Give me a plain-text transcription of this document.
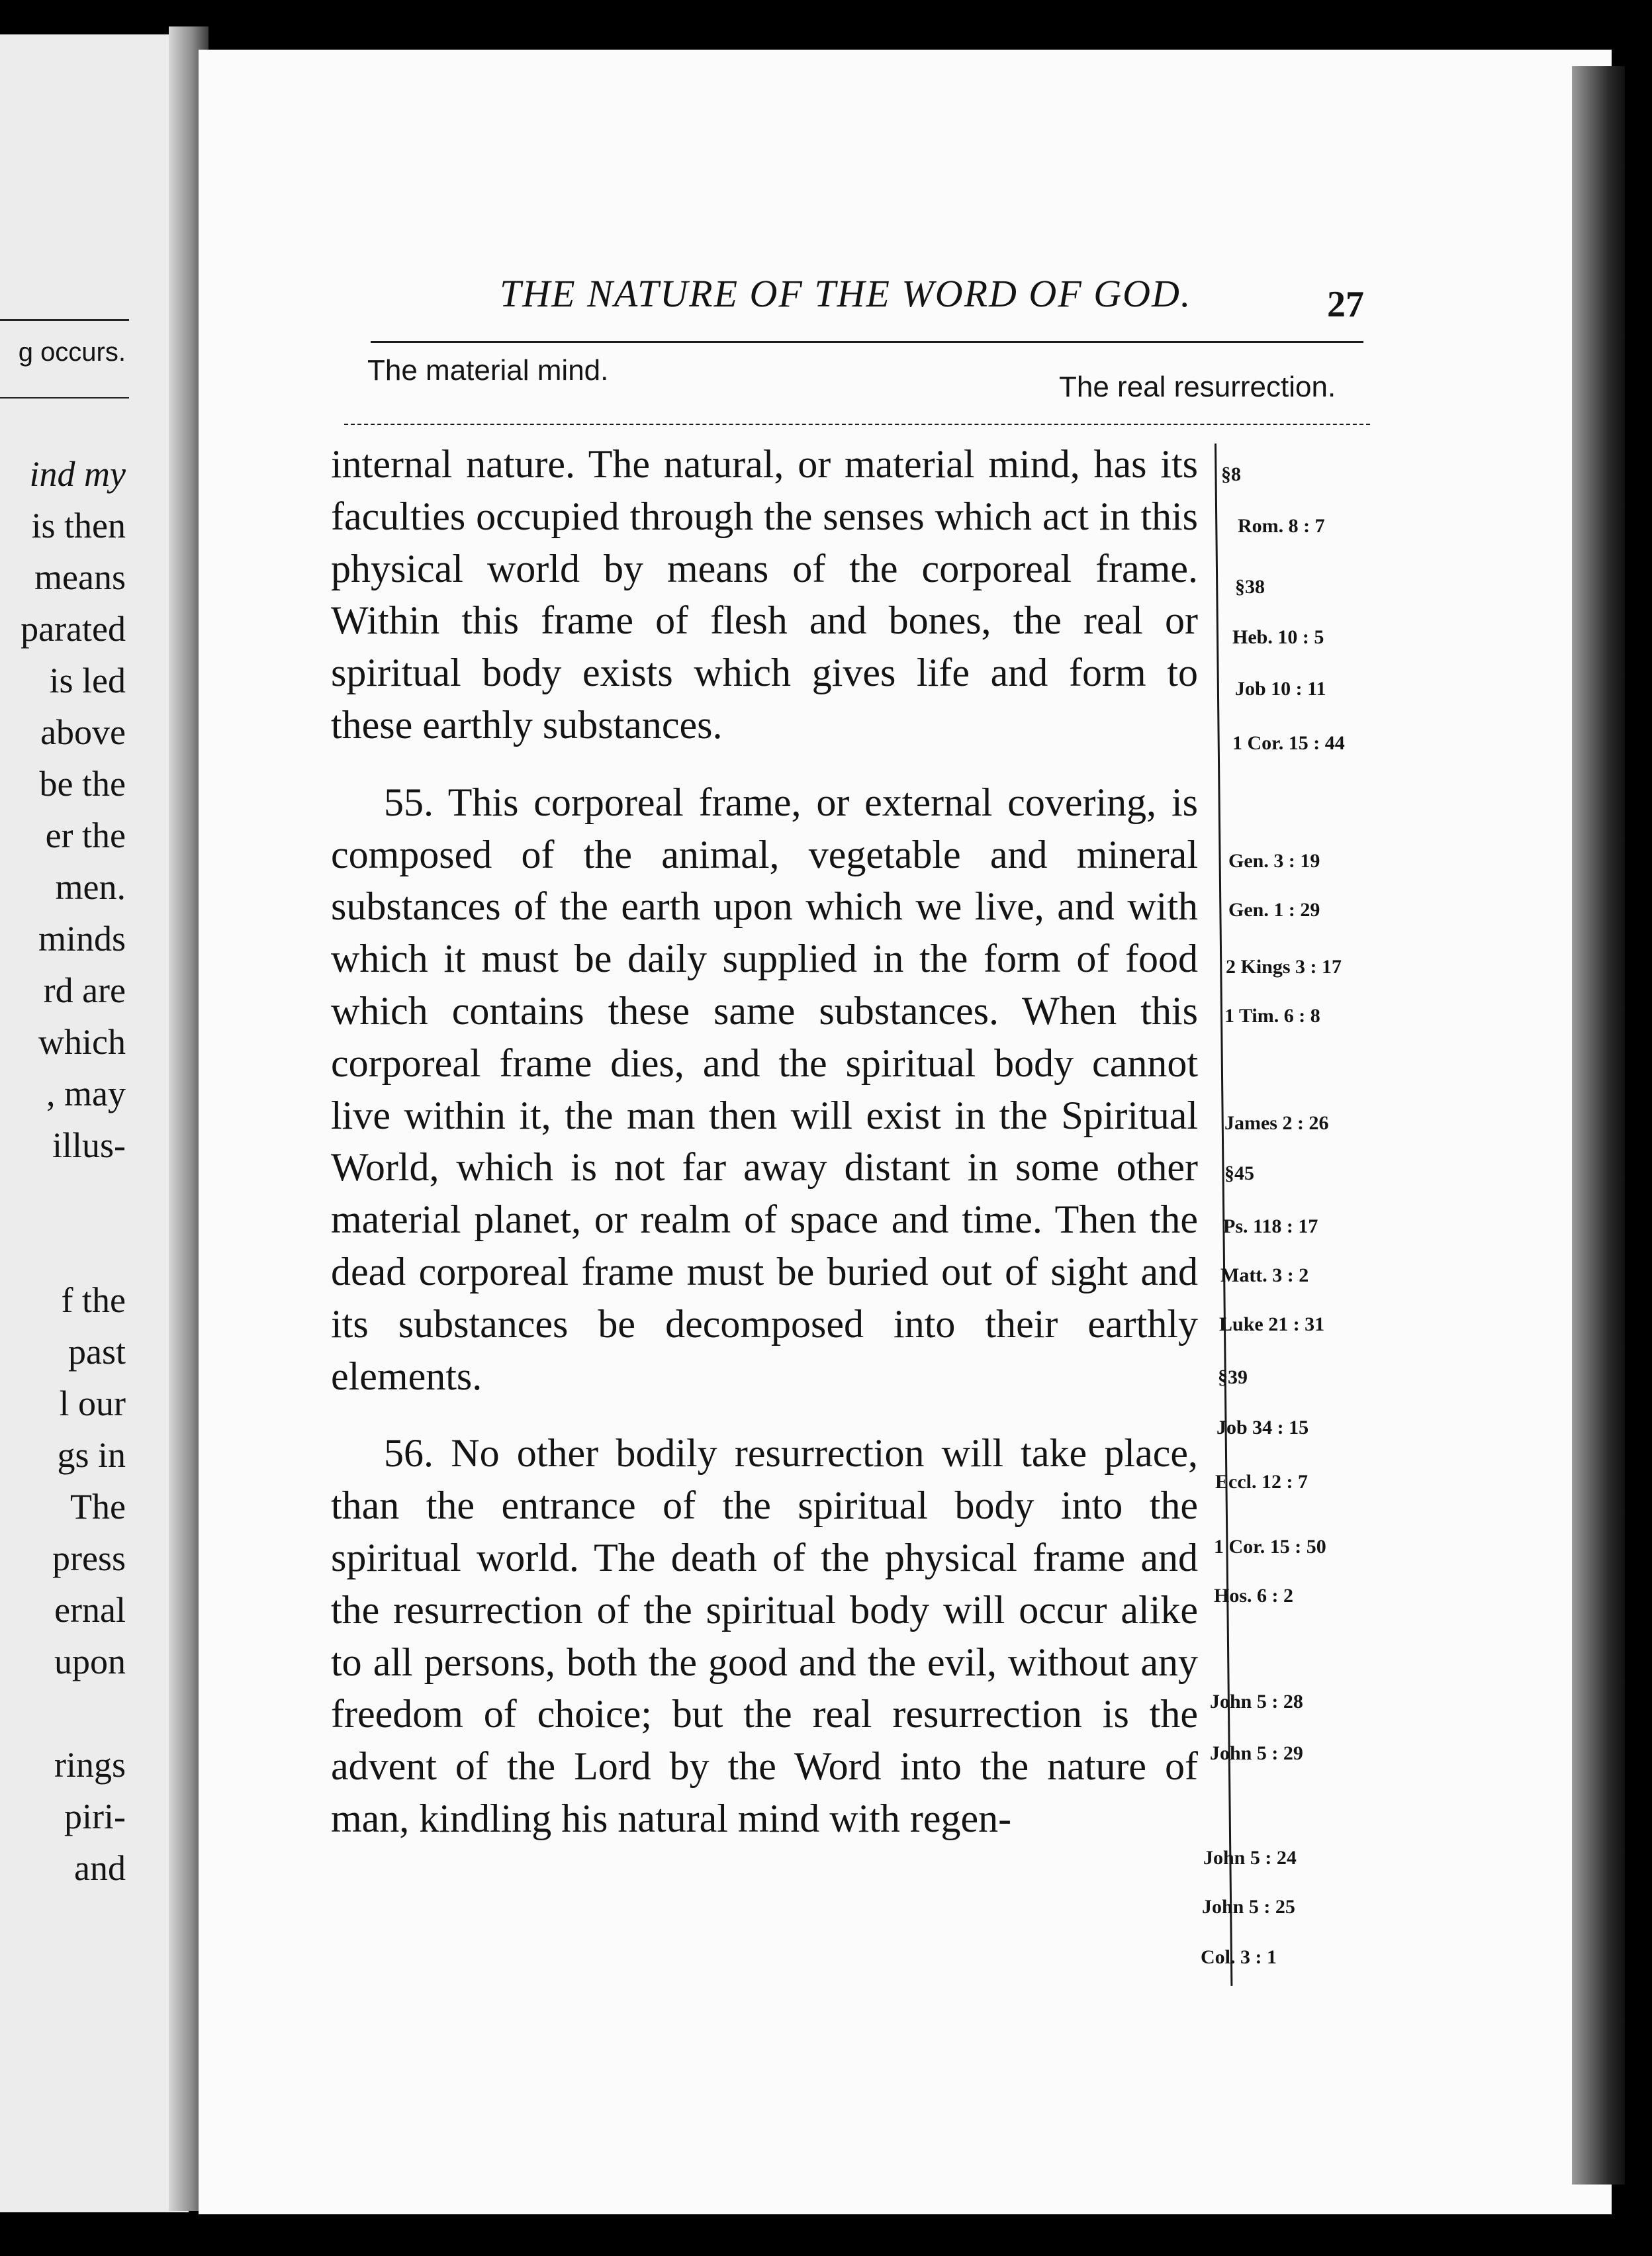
g occurs.
ind my
is then
means
parated
is led
above
be the
er the
men.
minds
rd are
which
, may
illus-
f the
past
l our
gs in
The
press
ernal
upon
rings
piri-
and
THE NATURE OF THE WORD OF GOD.	27
The material mind.
The real resurrection.

internal nature. The natural, or material mind, has its faculties occupied through the senses which act in this physical world by means of the corporeal frame. Within this frame of flesh and bones, the real or spiritual body exists which gives life and form to these earthly substances.

55. This corporeal frame, or external covering, is composed of the animal, vegetable and mineral substances of the earth upon which we live, and with which it must be daily supplied in the form of food which contains these same substances. When this corporeal frame dies, and the spiritual body cannot live within it, the man then will exist in the Spiritual World, which is not far away distant in some other material planet, or realm of space and time. Then the dead corporeal frame must be buried out of sight and its substances be decomposed into their earthly elements.

56. No other bodily resurrection will take place, than the entrance of the spiritual body into the spiritual world. The death of the physical frame and the resurrection of the spiritual body will occur alike to all persons, both the good and the evil, without any freedom of choice; but the real resurrection is the advent of the Lord by the Word into the nature of man, kindling his natural mind with regen-

§8
Rom. 8 : 7
§38
Heb. 10 : 5
Job 10 : 11
1 Cor. 15 : 44
Gen. 3 : 19
Gen. 1 : 29
2 Kings 3 : 17
1 Tim. 6 : 8
James 2 : 26
§45
Ps. 118 : 17
Matt. 3 : 2
Luke 21 : 31
§39
Job 34 : 15
Eccl. 12 : 7
1 Cor. 15 : 50
Hos. 6 : 2
John 5 : 28
John 5 : 29
John 5 : 24
John 5 : 25
Col. 3 : 1
